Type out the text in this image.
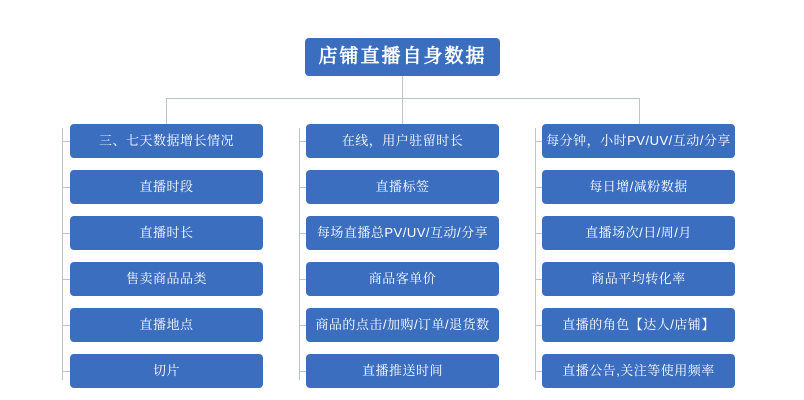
店铺直播自身数据
三、七天数据增长情况
直播时段
直播时长
售卖商品品类
直播地点
切片
在线，用户驻留时长
直播标签
每场直播总PV/UV/互动/分享
商品客单价
商品的点击/加购/订单/退货数
直播推送时间
每分钟，小时PV/UV/互动/分享
每日增/减粉数据
直播场次/日/周/月
商品平均转化率
直播的角色【达人/店铺】
直播公告,关注等使用频率
